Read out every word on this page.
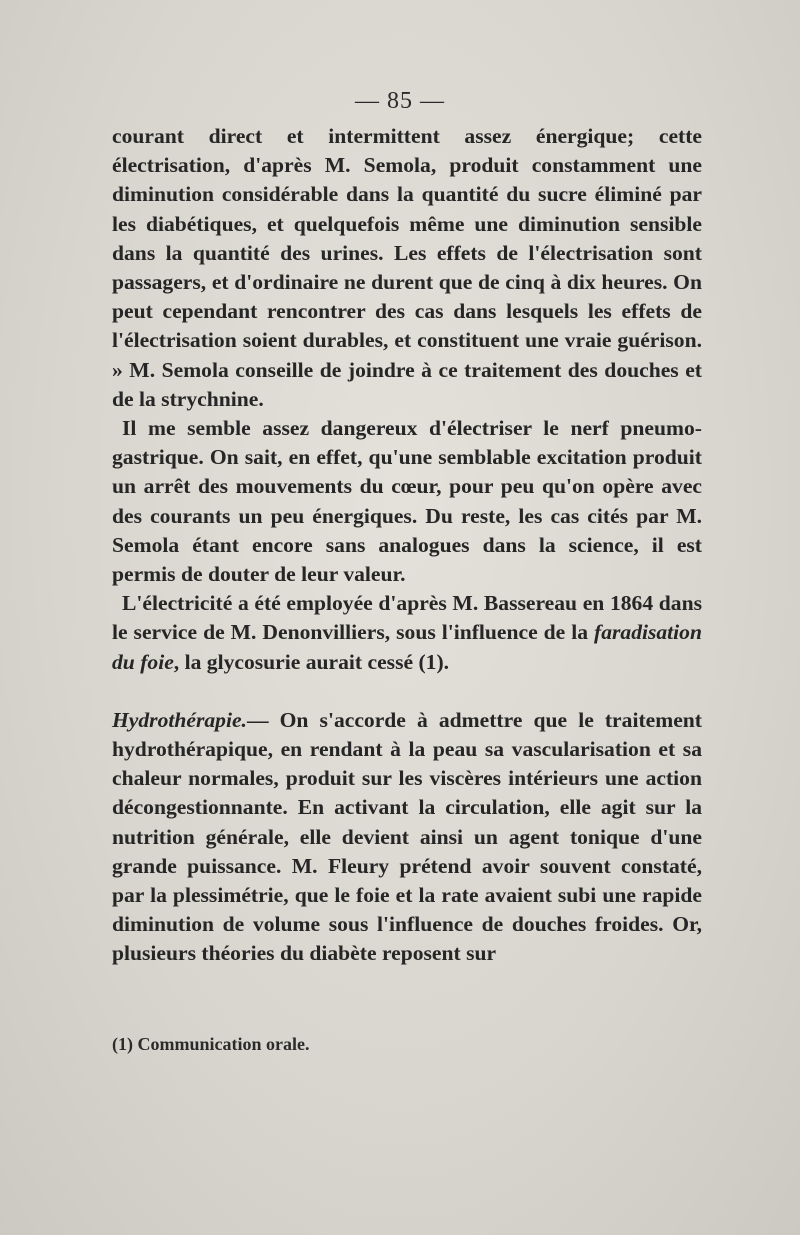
— 85 —

courant direct et intermittent assez énergique; cette électrisation, d'après M. Semola, produit constamment une diminution considérable dans la quantité du sucre éliminé par les diabétiques, et quelquefois même une diminution sensible dans la quantité des urines. Les effets de l'électrisation sont passagers, et d'ordinaire ne durent que de cinq à dix heures. On peut cependant rencontrer des cas dans lesquels les effets de l'électrisation soient durables, et constituent une vraie guérison. » M. Semola conseille de joindre à ce traitement des douches et de la strychnine.

Il me semble assez dangereux d'électriser le nerf pneumo-gastrique. On sait, en effet, qu'une semblable excitation produit un arrêt des mouvements du cœur, pour peu qu'on opère avec des courants un peu énergiques. Du reste, les cas cités par M. Semola étant encore sans analogues dans la science, il est permis de douter de leur valeur.

L'électricité a été employée d'après M. Bassereau en 1864 dans le service de M. Denonvilliers, sous l'influence de la faradisation du foie, la glycosurie aurait cessé (1).

Hydrothérapie.— On s'accorde à admettre que le traitement hydrothérapique, en rendant à la peau sa vascularisation et sa chaleur normales, produit sur les viscères intérieurs une action décongestionnante. En activant la circulation, elle agit sur la nutrition générale, elle devient ainsi un agent tonique d'une grande puissance. M. Fleury prétend avoir souvent constaté, par la plessimétrie, que le foie et la rate avaient subi une rapide diminution de volume sous l'influence de douches froides. Or, plusieurs théories du diabète reposent sur

(1) Communication orale.
